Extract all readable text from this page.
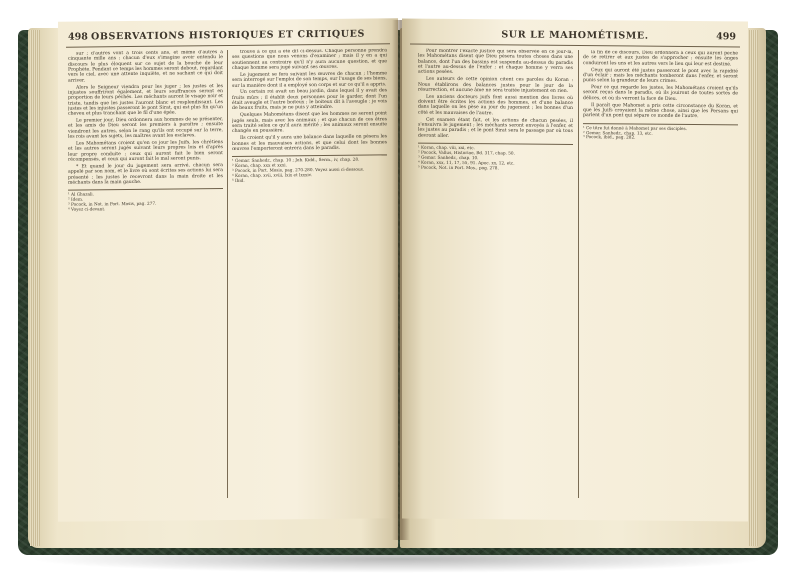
498 OBSERVATIONS HISTORIQUES ET CRITIQUES

sur ; d'autres vont à trois cents ans, et même d'autres à cinquante mille ans ; chacun d'eux s'imagine avoir entendu le discours le plus éloquent sur ce sujet de la bouche de leur Prophète. Pendant ce temps les hommes seront debout, regardant vers le ciel, avec une attente inquiète, et ne sachant ce qui doit arriver.

Alors le Seigneur viendra pour les juger ; les justes et les injustes souffriront également, et leurs souffrances seront en proportion de leurs péchés. Les méchants auront le visage noir et triste, tandis que les justes l'auront blanc et resplendissant. Les justes et les injustes passeront le pont Sirat, qui est plus fin qu'un cheveu et plus tranchant que le fil d'une épée.

Le premier jour, Dieu ordonnera aux hommes de se présenter, et les amis de Dieu seront les premiers à paraître ; ensuite viendront les autres, selon le rang qu'ils ont occupé sur la terre, les rois avant les sujets, les maîtres avant les esclaves.

Les Mahométans croient qu'en ce jour les Juifs, les chrétiens et les autres seront jugés suivant leurs propres lois et d'après leur propre conduite ; ceux qui auront fait le bien seront récompensés, et ceux qui auront fait le mal seront punis.

* Et quand le jour du jugement sera arrivé, chacun sera appelé par son nom, et le livre où sont écrites ses actions lui sera présenté ; les justes le recevront dans la main droite et les méchants dans la main gauche.

¹ Al Ghazali.
² Idem.
³ Pocock, in Not. in Port. Mosis, pag. 277.
⁴ Voyez ci-devant.

trouve à ce qui a été dit ci-dessus. Chaque personne prendra ses questions que nous venons d'examiner ; mais il y en a qui soutiennent au contraire qu'il n'y aura aucune question, et que chaque homme sera jugé suivant ses œuvres.

Le jugement se fera suivant les œuvres de chacun ; l'homme sera interrogé sur l'emploi de son temps, sur l'usage de ses biens, sur la manière dont il a employé son corps et sur ce qu'il a appris.

Un certain roi avait un beau jardin, dans lequel il y avait des fruits mûrs ; il établit deux personnes pour le garder, dont l'un était aveugle et l'autre boiteux ; le boiteux dit à l'aveugle : je vois de beaux fruits, mais je ne puis y atteindre.

Quelques Mahométans disent que les hommes ne seront point jugés seuls, mais avec les animaux ; et que chacun de ces êtres sera traité selon ce qu'il aura mérité ; les animaux seront ensuite changés en poussière.

Ils croient qu'il y aura une balance dans laquelle on pèsera les bonnes et les mauvaises actions, et que celui dont les bonnes œuvres l'emporteront entrera dans le paradis.

¹ Gemar. Sanhedr., chap. 10 ; Job. Kidd., Serm., iv, chap. 28.
² Koran, chap. xxx et xxxi.
³ Pocock, in Port. Mosis, pag. 270-280. Voyez aussi ci-dessous.
⁴ Koran, chap. xvii, xviii, lxix et lxxxiv.
⁵ Ibid.
SUR LE MAHOMÉTISME.	499

Pour montrer l'exacte justice qui sera observée en ce jour-là, les Mahométans disent que Dieu pèsera toutes choses dans une balance, dont l'un des bassins est suspendu au-dessus du paradis et l'autre au-dessus de l'enfer ; et chaque homme y verra ses actions pesées.

Les auteurs de cette opinion citent ces paroles du Koran : Nous établirons des balances justes pour le jour de la résurrection, et aucune âme ne sera traitée injustement en rien.

Les anciens docteurs juifs font aussi mention des livres où doivent être écrites les actions des hommes, et d'une balance dans laquelle on les pèse au jour du jugement ; les bonnes d'un côté et les mauvaises de l'autre.

Cet examen étant fait, et les actions de chacun pesées, il s'ensuivra le jugement ; les méchants seront envoyés à l'enfer, et les justes au paradis ; et le pont Sirat sera le passage par où tous devront aller.

¹ Koran, chap. viii, xxi, etc.
² Pocock, Vallus, Historiae, Bd. 317, chap. 50.
³ Gemar. Sanhedr., chap. 10.
⁴ Koran, xxx, 11, 17, 55, 91. Apoc. xx, 12, etc.
⁵ Pocock, Not. in Port. Mos., pag. 278.

la fin de ce discours, Dieu ordonnera à ceux qui auront péché de se retirer et aux justes de s'approcher ; ensuite les anges conduiront les uns et les autres vers le lieu qui leur est destiné.

Ceux qui auront été justes passeront le pont avec la rapidité d'un éclair ; mais les méchants tomberont dans l'enfer, et seront punis selon la grandeur de leurs crimes.

Pour ce qui regarde les justes, les Mahométans croient qu'ils seront reçus dans le paradis, où ils jouiront de toutes sortes de délices, et où ils verront la face de Dieu.

Il paraît que Mahomet a pris cette circonstance du Koran, et que les Juifs croyaient la même chose, ainsi que les Persans qui parlent d'un pont qui sépare ce monde de l'autre.

¹ Ce titre fut donné à Mahomet par ses disciples.
² Gemar. Sanhedr., chap. 13, etc.
³ Pocock, ibid., pag. 282.
